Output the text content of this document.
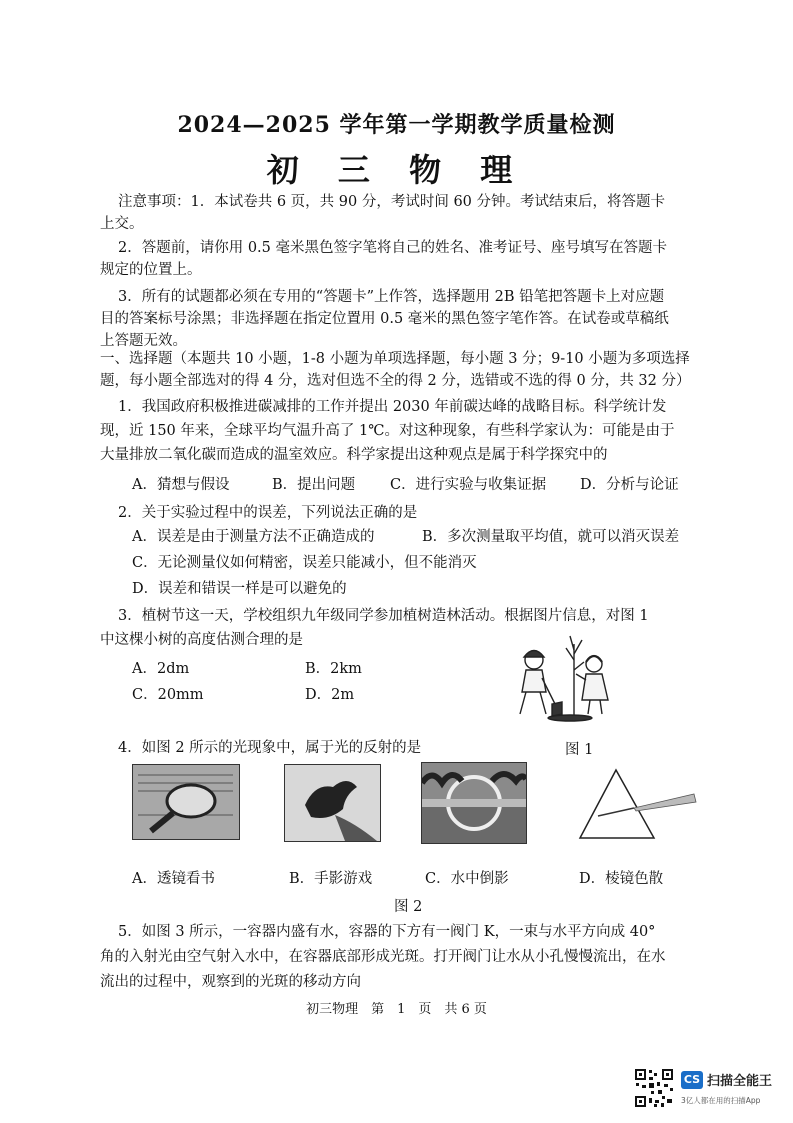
2024—2025 学年第一学期教学质量检测
初 三 物 理
注意事项：1．本试卷共 6 页，共 90 分，考试时间 60 分钟。考试结束后，将答题卡
上交。
2．答题前，请你用 0.5 毫米黑色签字笔将自己的姓名、准考证号、座号填写在答题卡
规定的位置上。
3．所有的试题都必须在专用的“答题卡”上作答，选择题用 2B 铅笔把答题卡上对应题
目的答案标号涂黑；非选择题在指定位置用 0.5 毫米的黑色签字笔作答。在试卷或草稿纸
上答题无效。
一、选择题（本题共 10 小题，1-8 小题为单项选择题，每小题 3 分；9-10 小题为多项选择
题，每小题全部选对的得 4 分，选对但选不全的得 2 分，选错或不选的得 0 分，共 32 分）
1．我国政府积极推进碳减排的工作并提出 2030 年前碳达峰的战略目标。科学统计发
现，近 150 年来，全球平均气温升高了 1℃。对这种现象，有些科学家认为：可能是由于
大量排放二氧化碳而造成的温室效应。科学家提出这种观点是属于科学探究中的
A．猜想与假设	B．提出问题 C．进行实验与收集证据 D．分析与论证
2．关于实验过程中的误差，下列说法正确的是
A．误差是由于测量方法不正确造成的	B．多次测量取平均值，就可以消灭误差
C．无论测量仪如何精密，误差只能减小，但不能消灭
D．误差和错误一样是可以避免的
3．植树节这一天，学校组织九年级同学参加植树造林活动。根据图片信息，对图 1
中这棵小树的高度估测合理的是
A．2dm	B．2km
C．20mm	D．2m
4．如图 2 所示的光现象中，属于光的反射的是	图 1
A．透镜看书	B．手影游戏	C．水中倒影	D．棱镜色散
图 2
5．如图 3 所示，一容器内盛有水，容器的下方有一阀门 K，一束与水平方向成 40°
角的入射光由空气射入水中，在容器底部形成光斑。打开阀门让水从小孔慢慢流出，在水
流出的过程中，观察到的光斑的移动方向
初三物理　第　1　页　共 6 页
CS 扫描全能王
3亿人都在用的扫描App
